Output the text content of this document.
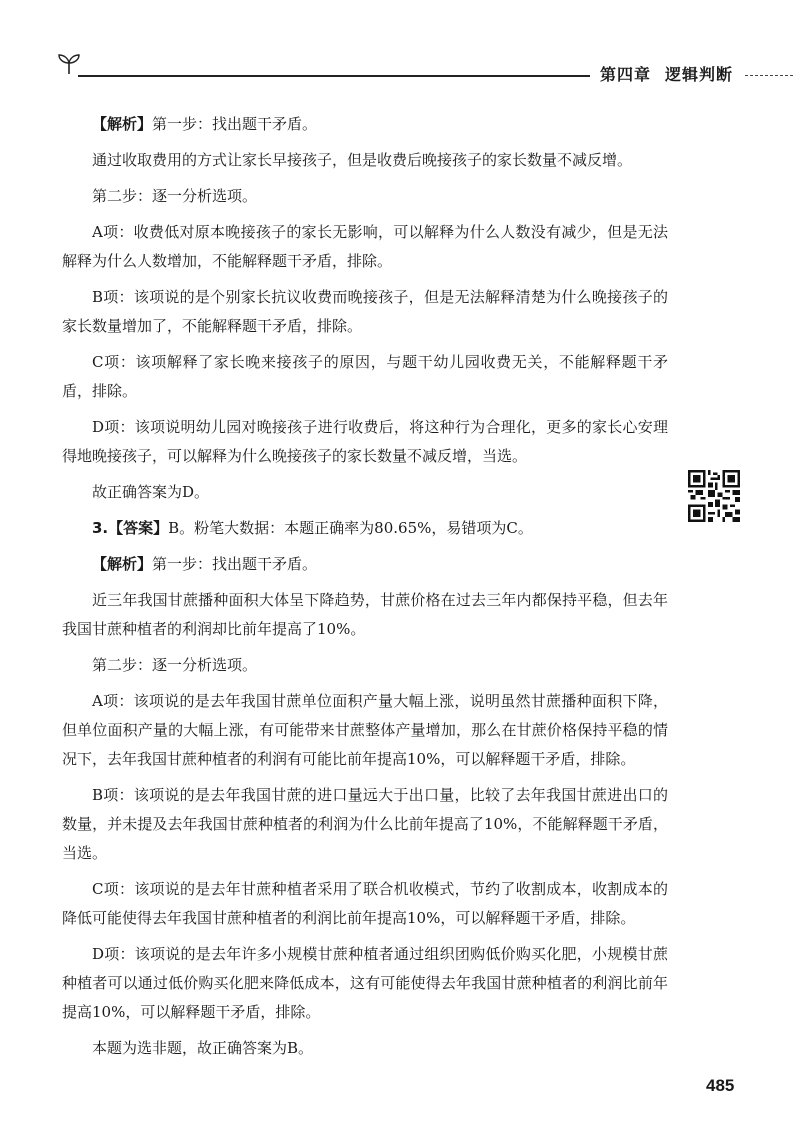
第四章 逻辑判断

【解析】第一步：找出题干矛盾。

通过收取费用的方式让家长早接孩子，但是收费后晚接孩子的家长数量不减反增。

第二步：逐一分析选项。

A项：收费低对原本晚接孩子的家长无影响，可以解释为什么人数没有减少，但是无法解释为什么人数增加，不能解释题干矛盾，排除。

B项：该项说的是个别家长抗议收费而晚接孩子，但是无法解释清楚为什么晚接孩子的家长数量增加了，不能解释题干矛盾，排除。

C项：该项解释了家长晚来接孩子的原因，与题干幼儿园收费无关，不能解释题干矛盾，排除。

D项：该项说明幼儿园对晚接孩子进行收费后，将这种行为合理化，更多的家长心安理得地晚接孩子，可以解释为什么晚接孩子的家长数量不减反增，当选。

故正确答案为D。

3.【答案】B。粉笔大数据：本题正确率为80.65%，易错项为C。

【解析】第一步：找出题干矛盾。

近三年我国甘蔗播种面积大体呈下降趋势，甘蔗价格在过去三年内都保持平稳，但去年我国甘蔗种植者的利润却比前年提高了10%。

第二步：逐一分析选项。

A项：该项说的是去年我国甘蔗单位面积产量大幅上涨，说明虽然甘蔗播种面积下降，但单位面积产量的大幅上涨，有可能带来甘蔗整体产量增加，那么在甘蔗价格保持平稳的情况下，去年我国甘蔗种植者的利润有可能比前年提高10%，可以解释题干矛盾，排除。

B项：该项说的是去年我国甘蔗的进口量远大于出口量，比较了去年我国甘蔗进出口的数量，并未提及去年我国甘蔗种植者的利润为什么比前年提高了10%，不能解释题干矛盾，当选。

C项：该项说的是去年甘蔗种植者采用了联合机收模式，节约了收割成本，收割成本的降低可能使得去年我国甘蔗种植者的利润比前年提高10%，可以解释题干矛盾，排除。

D项：该项说的是去年许多小规模甘蔗种植者通过组织团购低价购买化肥，小规模甘蔗种植者可以通过低价购买化肥来降低成本，这有可能使得去年我国甘蔗种植者的利润比前年提高10%，可以解释题干矛盾，排除。

本题为选非题，故正确答案为B。

485
